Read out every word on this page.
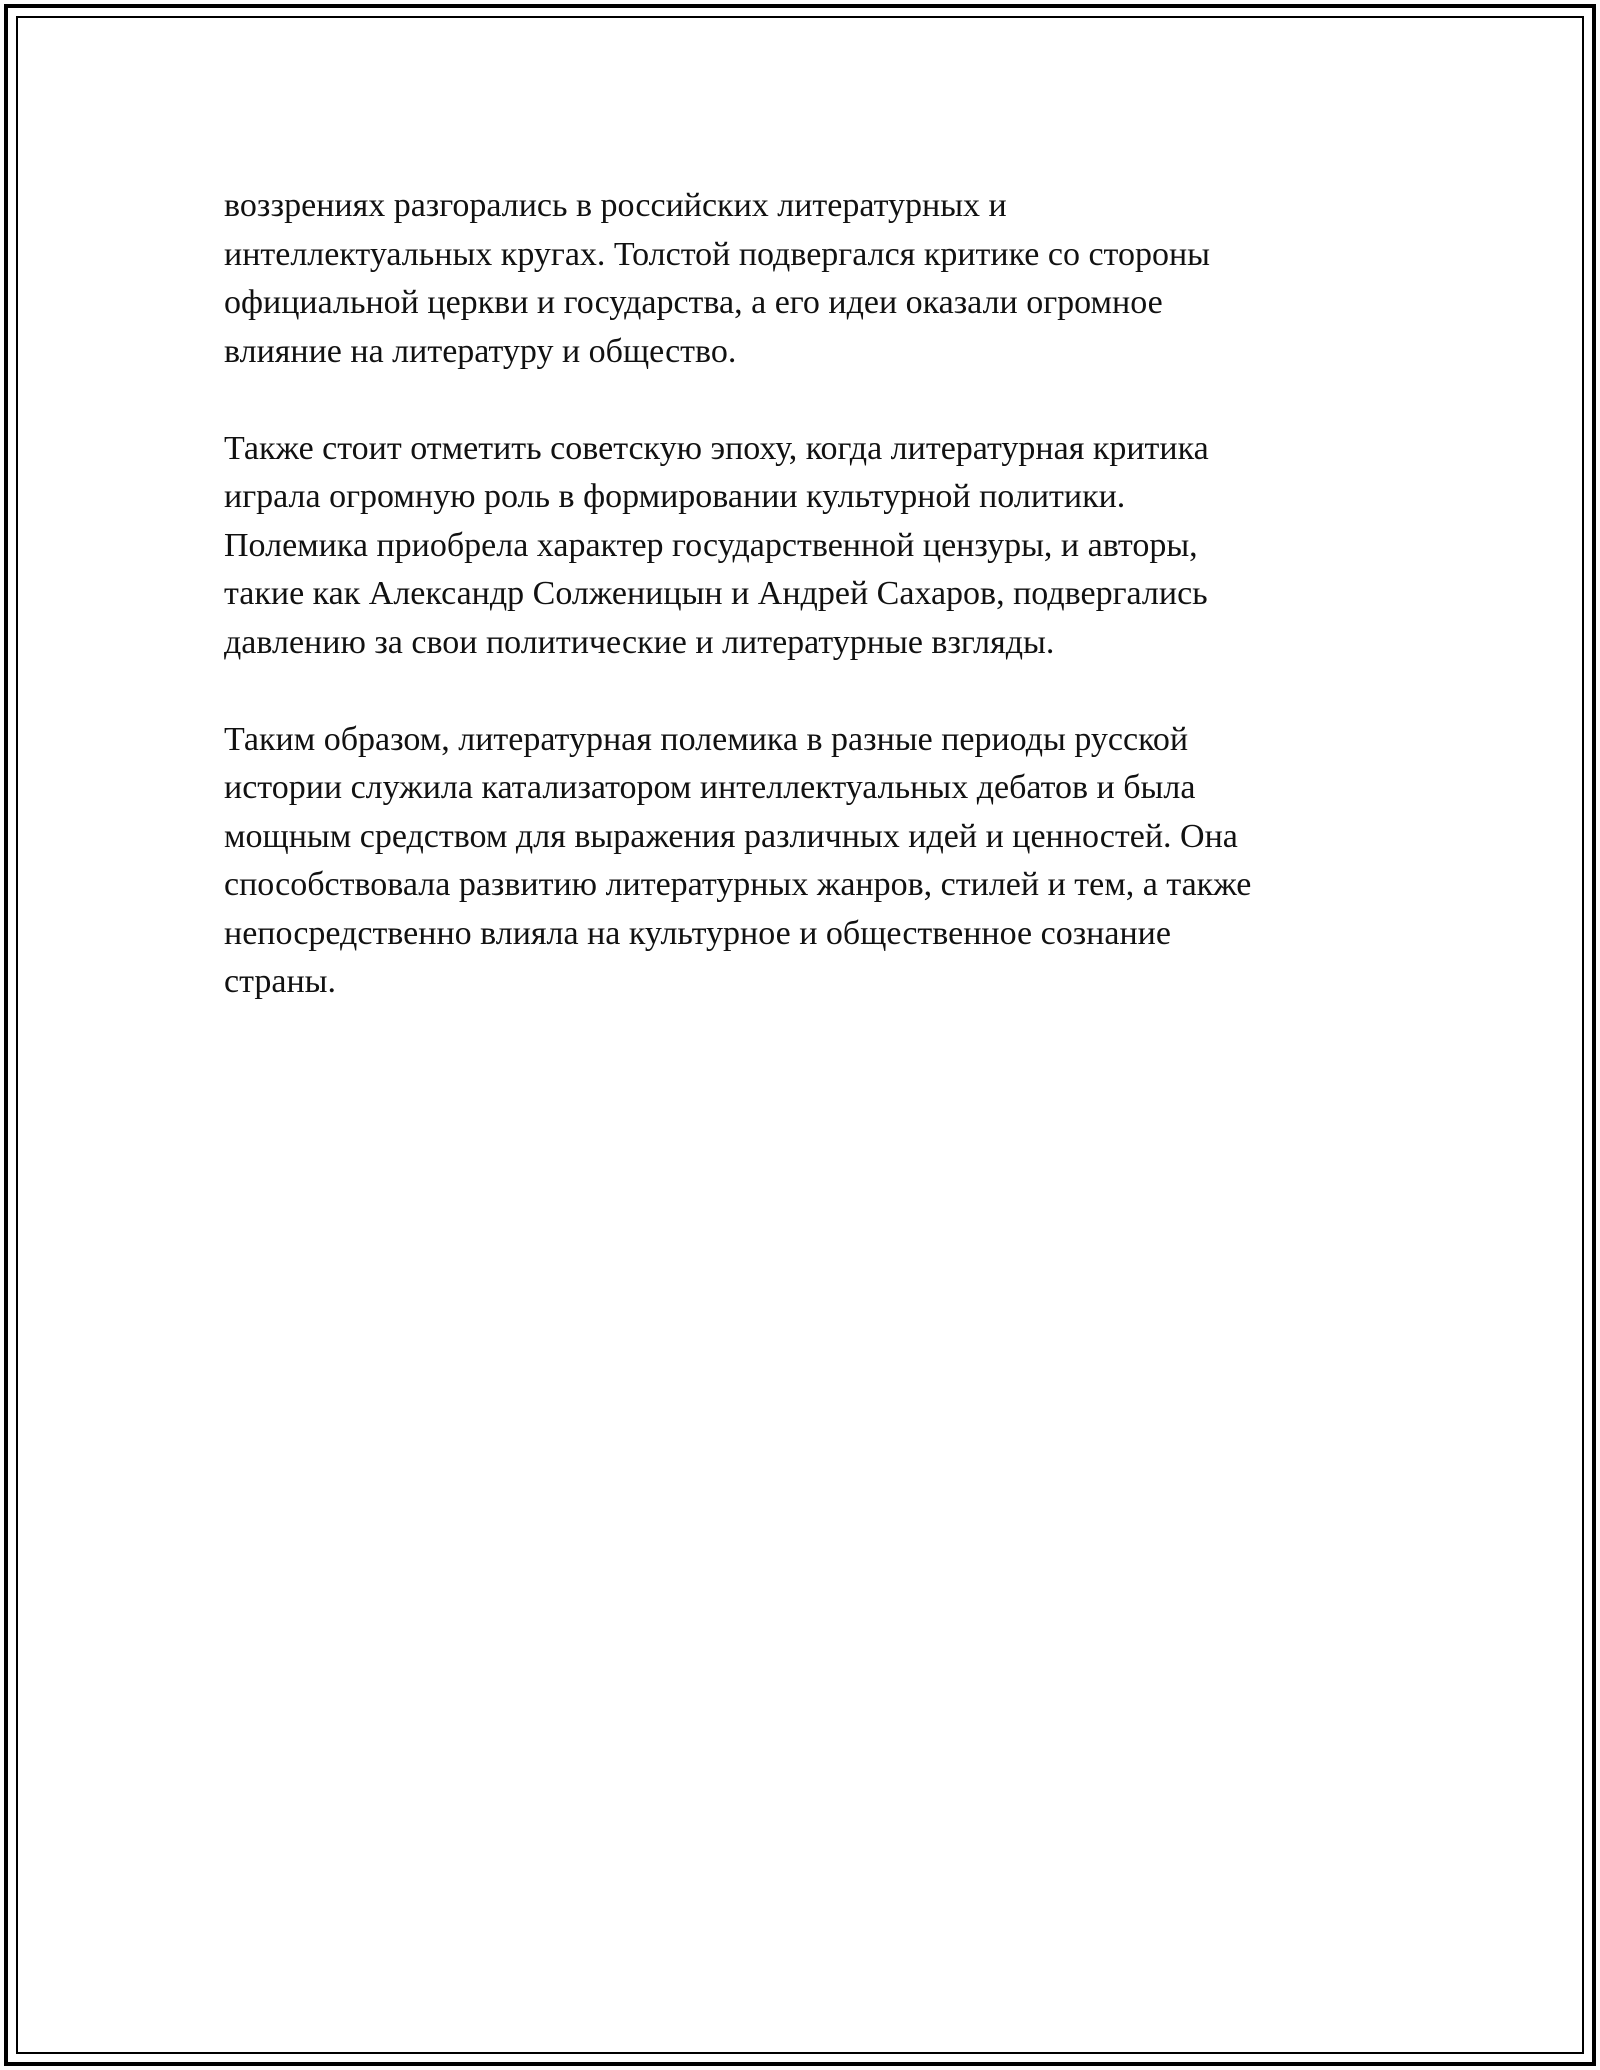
воззрениях разгорались в российских литературных и
интеллектуальных кругах. Толстой подвергался критике со стороны
официальной церкви и государства, а его идеи оказали огромное
влияние на литературу и общество.

Также стоит отметить советскую эпоху, когда литературная критика
играла огромную роль в формировании культурной политики.
Полемика приобрела характер государственной цензуры, и авторы,
такие как Александр Солженицын и Андрей Сахаров, подвергались
давлению за свои политические и литературные взгляды.

Таким образом, литературная полемика в разные периоды русской
истории служила катализатором интеллектуальных дебатов и была
мощным средством для выражения различных идей и ценностей. Она
способствовала развитию литературных жанров, стилей и тем, а также
непосредственно влияла на культурное и общественное сознание
страны.
